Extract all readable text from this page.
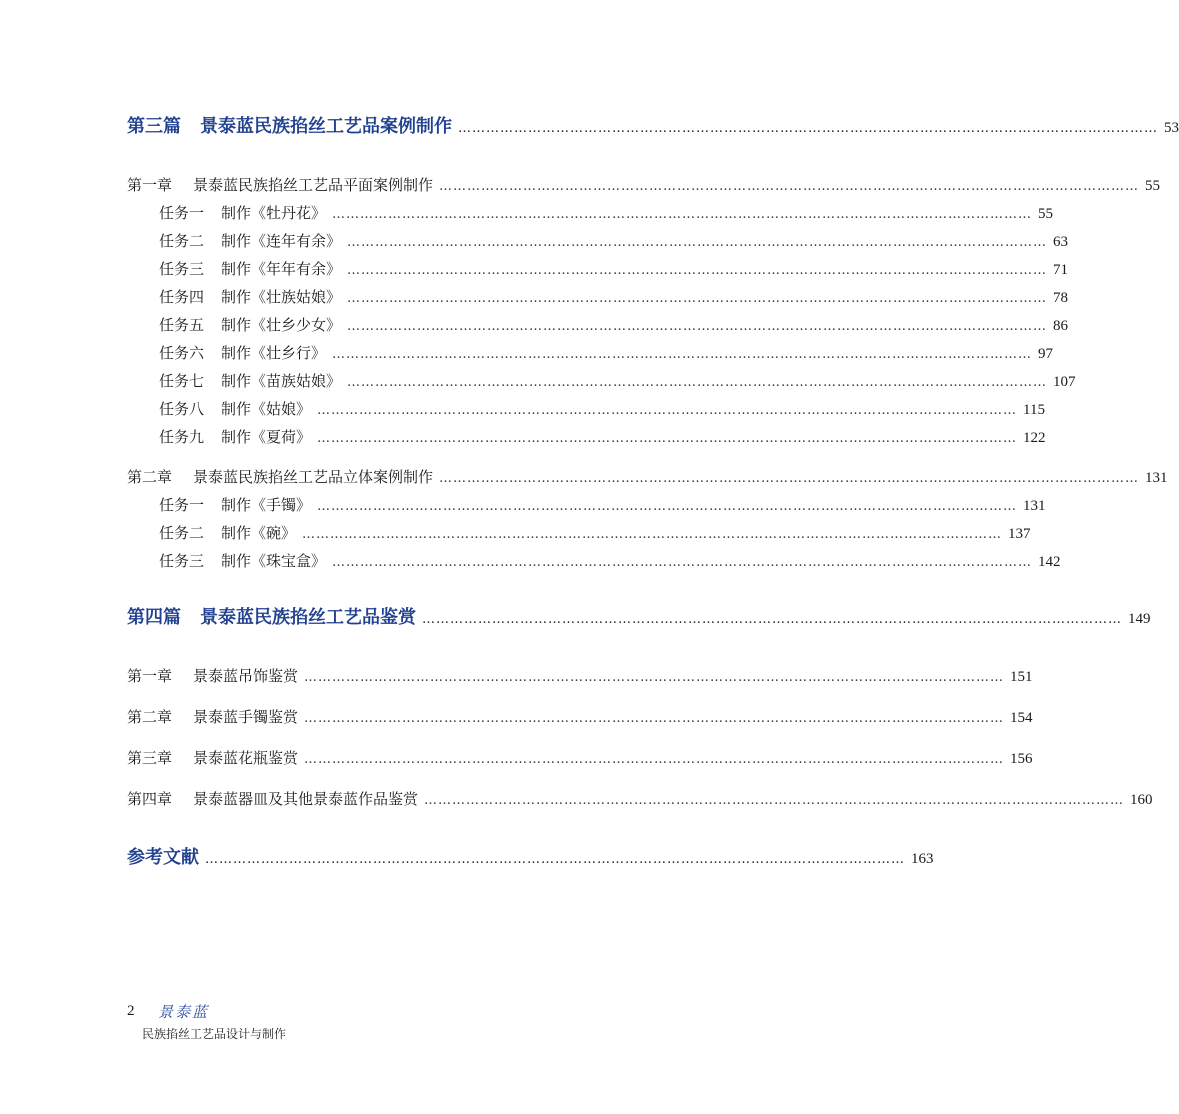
第三篇	景泰蓝民族掐丝工艺品案例制作 …………………………………………………………………………………………………………………………………… 53
第一章	景泰蓝民族掐丝工艺品平面案例制作 …………………………………………………………………………………………………………………………………… 55
任务一	制作《牡丹花》 …………………………………………………………………………………………………………………………………… 55
任务二	制作《连年有余》 …………………………………………………………………………………………………………………………………… 63
任务三	制作《年年有余》 …………………………………………………………………………………………………………………………………… 71
任务四	制作《壮族姑娘》 …………………………………………………………………………………………………………………………………… 78
任务五	制作《壮乡少女》 …………………………………………………………………………………………………………………………………… 86
任务六	制作《壮乡行》 …………………………………………………………………………………………………………………………………… 97
任务七	制作《苗族姑娘》 …………………………………………………………………………………………………………………………………… 107
任务八	制作《姑娘》 …………………………………………………………………………………………………………………………………… 115
任务九	制作《夏荷》 …………………………………………………………………………………………………………………………………… 122
第二章	景泰蓝民族掐丝工艺品立体案例制作 …………………………………………………………………………………………………………………………………… 131
任务一	制作《手镯》 …………………………………………………………………………………………………………………………………… 131
任务二	制作《碗》 …………………………………………………………………………………………………………………………………… 137
任务三	制作《珠宝盒》 …………………………………………………………………………………………………………………………………… 142
第四篇	景泰蓝民族掐丝工艺品鉴赏 …………………………………………………………………………………………………………………………………… 149
第一章	景泰蓝吊饰鉴赏 …………………………………………………………………………………………………………………………………… 151
第二章	景泰蓝手镯鉴赏 …………………………………………………………………………………………………………………………………… 154
第三章	景泰蓝花瓶鉴赏 …………………………………………………………………………………………………………………………………… 156
第四章	景泰蓝器皿及其他景泰蓝作品鉴赏 …………………………………………………………………………………………………………………………………… 160
参考文献 …………………………………………………………………………………………………………………………………… 163
2 景泰蓝
民族掐丝工艺品设计与制作
